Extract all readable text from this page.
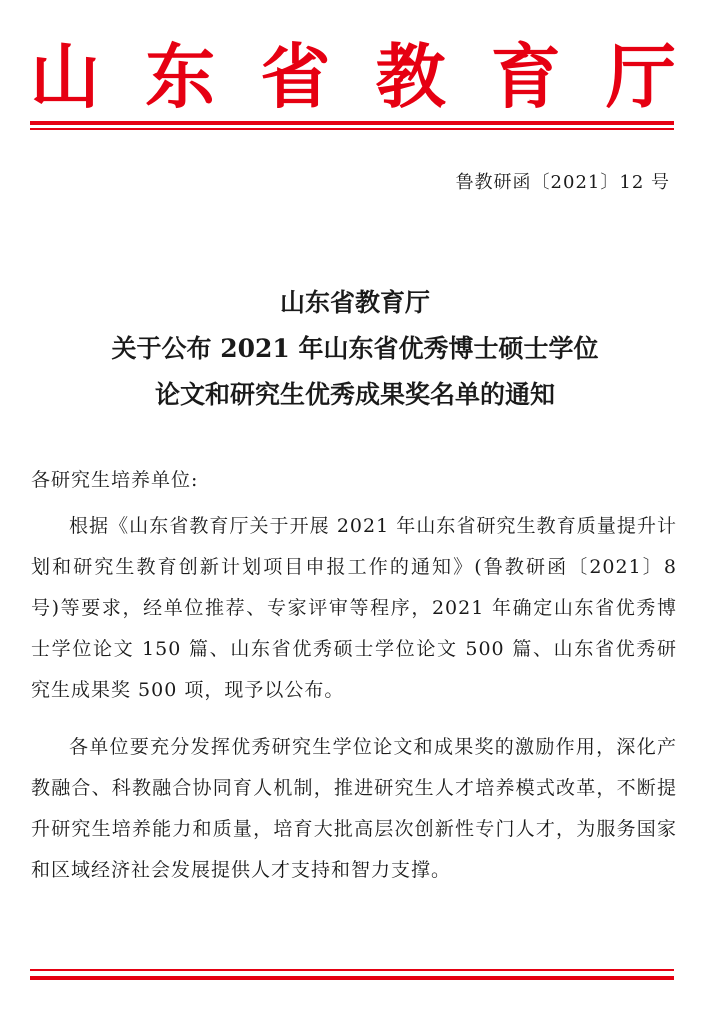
山 东 省 教 育 厅
鲁教研函〔2021〕12 号
山东省教育厅
关于公布 2021 年山东省优秀博士硕士学位
论文和研究生优秀成果奖名单的通知
各研究生培养单位:
根据《山东省教育厅关于开展 2021 年山东省研究生教育质量提升计划和研究生教育创新计划项目申报工作的通知》(鲁教研函〔2021〕8 号)等要求，经单位推荐、专家评审等程序，2021 年确定山东省优秀博士学位论文 150 篇、山东省优秀硕士学位论文 500 篇、山东省优秀研究生成果奖 500 项，现予以公布。
各单位要充分发挥优秀研究生学位论文和成果奖的激励作用，深化产教融合、科教融合协同育人机制，推进研究生人才培养模式改革，不断提升研究生培养能力和质量，培育大批高层次创新性专门人才，为服务国家和区域经济社会发展提供人才支持和智力支撑。
